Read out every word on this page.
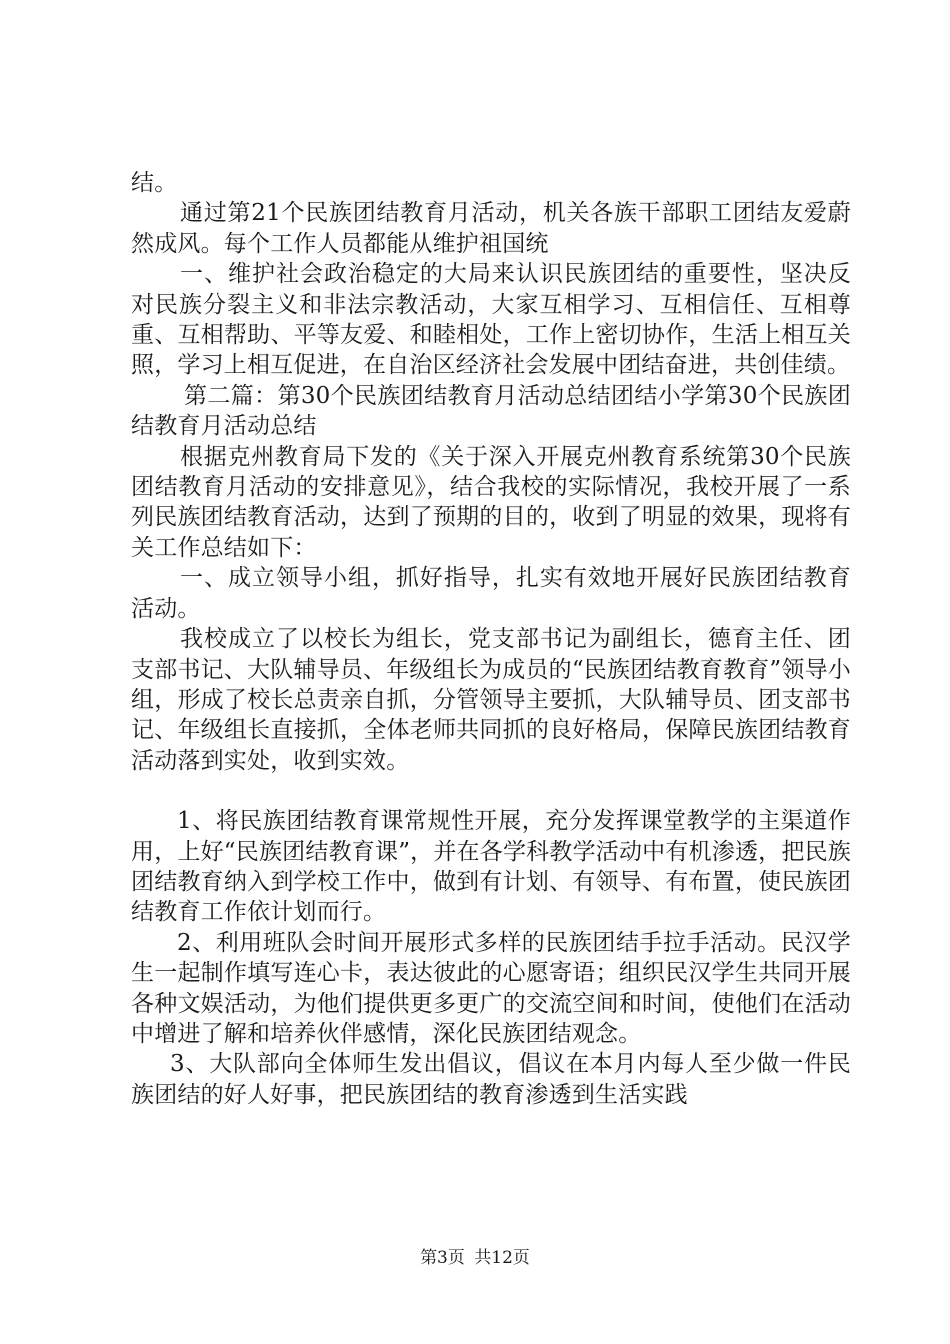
结。

通过第21个民族团结教育月活动，机关各族干部职工团结友爱蔚然成风。每个工作人员都能从维护祖国统

一、维护社会政治稳定的大局来认识民族团结的重要性，坚决反对民族分裂主义和非法宗教活动，大家互相学习、互相信任、互相尊重、互相帮助、平等友爱、和睦相处，工作上密切协作，生活上相互关照，学习上相互促进，在自治区经济社会发展中团结奋进，共创佳绩。

第二篇：第30个民族团结教育月活动总结团结小学第30个民族团结教育月活动总结

根据克州教育局下发的《关于深入开展克州教育系统第30个民族团结教育月活动的安排意见》，结合我校的实际情况，我校开展了一系列民族团结教育活动，达到了预期的目的，收到了明显的效果，现将有关工作总结如下：

一、成立领导小组，抓好指导，扎实有效地开展好民族团结教育活动。

我校成立了以校长为组长，党支部书记为副组长，德育主任、团支部书记、大队辅导员、年级组长为成员的“民族团结教育教育”领导小组，形成了校长总责亲自抓，分管领导主要抓，大队辅导员、团支部书记、年级组长直接抓，全体老师共同抓的良好格局，保障民族团结教育活动落到实处，收到实效。

1、将民族团结教育课常规性开展，充分发挥课堂教学的主渠道作用，上好“民族团结教育课”，并在各学科教学活动中有机渗透，把民族团结教育纳入到学校工作中，做到有计划、有领导、有布置，使民族团结教育工作依计划而行。

2、利用班队会时间开展形式多样的民族团结手拉手活动。民汉学生一起制作填写连心卡，表达彼此的心愿寄语；组织民汉学生共同开展各种文娱活动，为他们提供更多更广的交流空间和时间，使他们在活动中增进了解和培养伙伴感情，深化民族团结观念。

3、大队部向全体师生发出倡议，倡议在本月内每人至少做一件民族团结的好人好事，把民族团结的教育渗透到生活实践

第3页 共12页
